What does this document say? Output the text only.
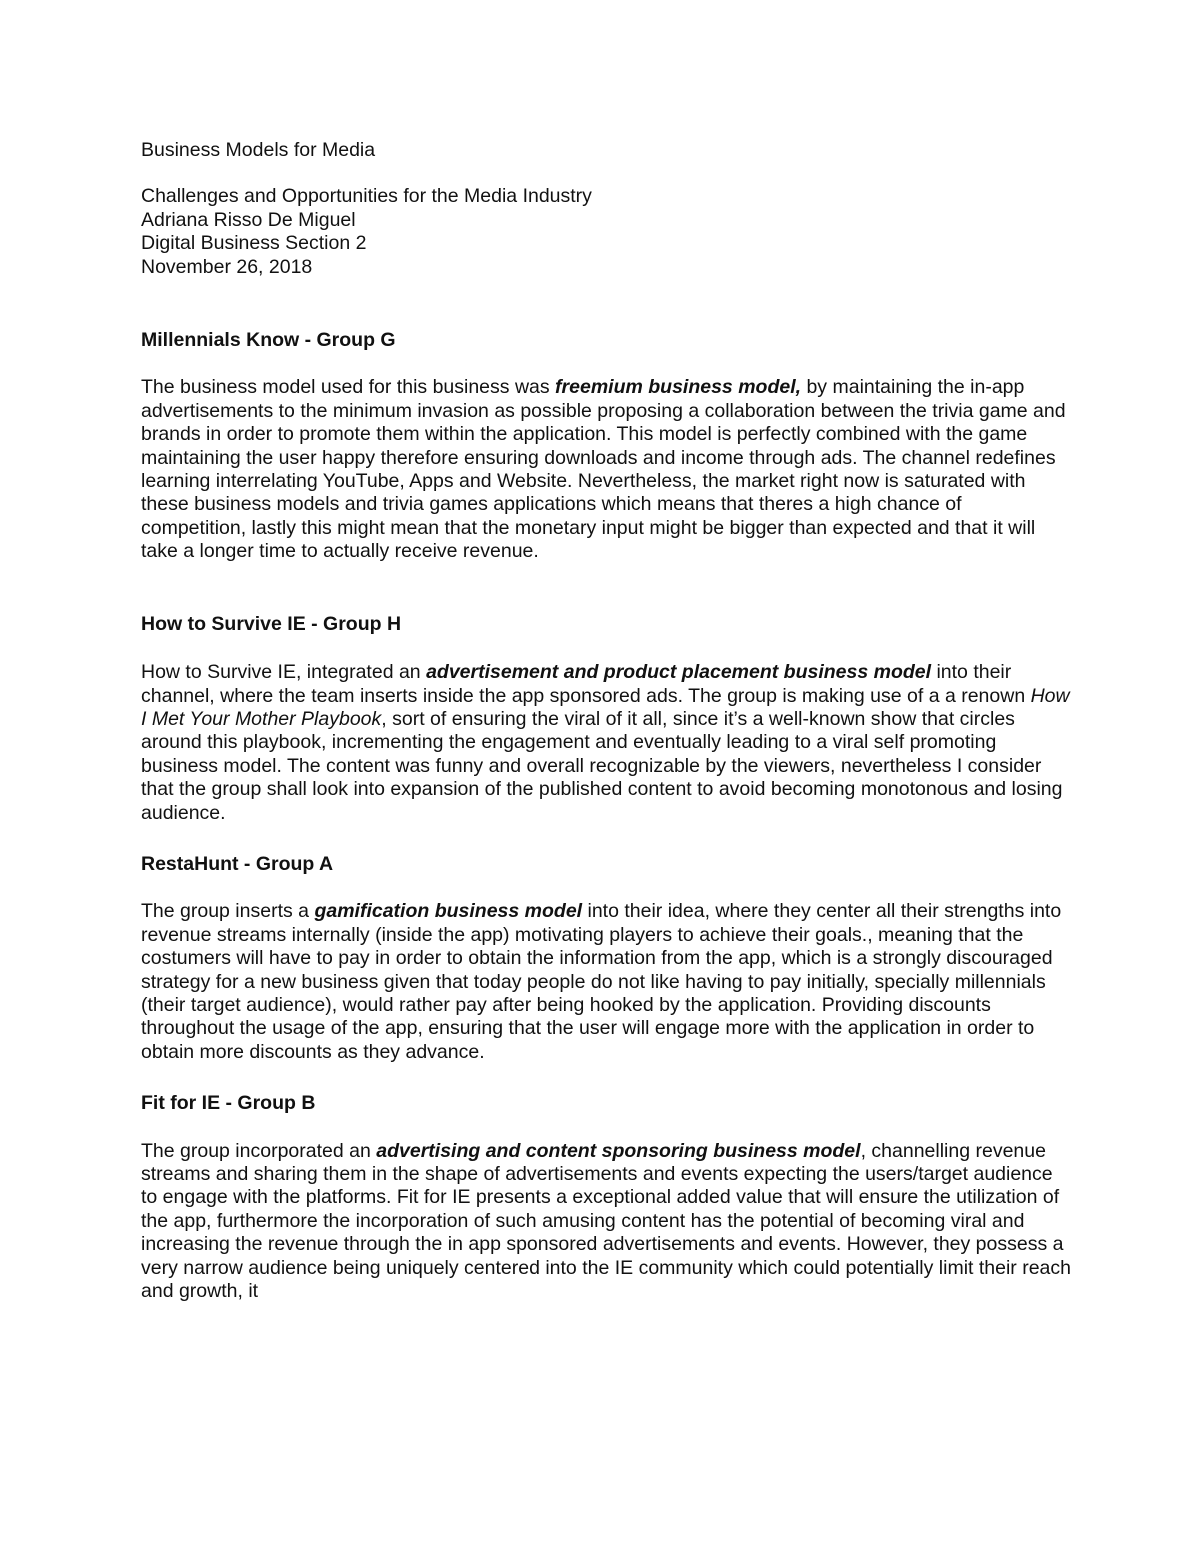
Business Models for Media
Challenges and Opportunities for the Media Industry
Adriana Risso De Miguel
Digital Business Section 2
November 26, 2018
Millennials Know - Group G

The business model used for this business was freemium business model, by maintaining the in-app advertisements to the minimum invasion as possible proposing a collaboration between the trivia game and brands in order to promote them within the application. This model is perfectly combined with the game maintaining the user happy therefore ensuring downloads and income through ads. The channel redefines learning interrelating YouTube, Apps and Website. Nevertheless, the market right now is saturated with these business models and trivia games applications which means that theres a high chance of competition, lastly this might mean that the monetary input might be bigger than expected and that it will take a longer time to actually receive revenue.

How to Survive IE - Group H

How to Survive IE, integrated an advertisement and product placement business model into their channel, where the team inserts inside the app sponsored ads. The group is making use of a a renown How I Met Your Mother Playbook, sort of ensuring the viral of it all, since it’s a well-known show that circles around this playbook, incrementing the engagement and eventually leading to a viral self promoting business model. The content was funny and overall recognizable by the viewers, nevertheless I consider that the group shall look into expansion of the published content to avoid becoming monotonous and losing audience.

RestaHunt - Group A

The group inserts a gamification business model into their idea, where they center all their strengths into revenue streams internally (inside the app) motivating players to achieve their goals., meaning that the costumers will have to pay in order to obtain the information from the app, which is a strongly discouraged strategy for a new business given that today people do not like having to pay initially, specially millennials (their target audience), would rather pay after being hooked by the application. Providing discounts throughout the usage of the app, ensuring that the user will engage more with the application in order to obtain more discounts as they advance.

Fit for IE - Group B

The group incorporated an advertising and content sponsoring business model, channelling revenue streams and sharing them in the shape of advertisements and events expecting the users/target audience to engage with the platforms. Fit for IE presents a exceptional added value that will ensure the utilization of the app, furthermore the incorporation of such amusing content has the potential of becoming viral and increasing the revenue through the in app sponsored advertisements and events. However, they possess a very narrow audience being uniquely centered into the IE community which could potentially limit their reach and growth, it
